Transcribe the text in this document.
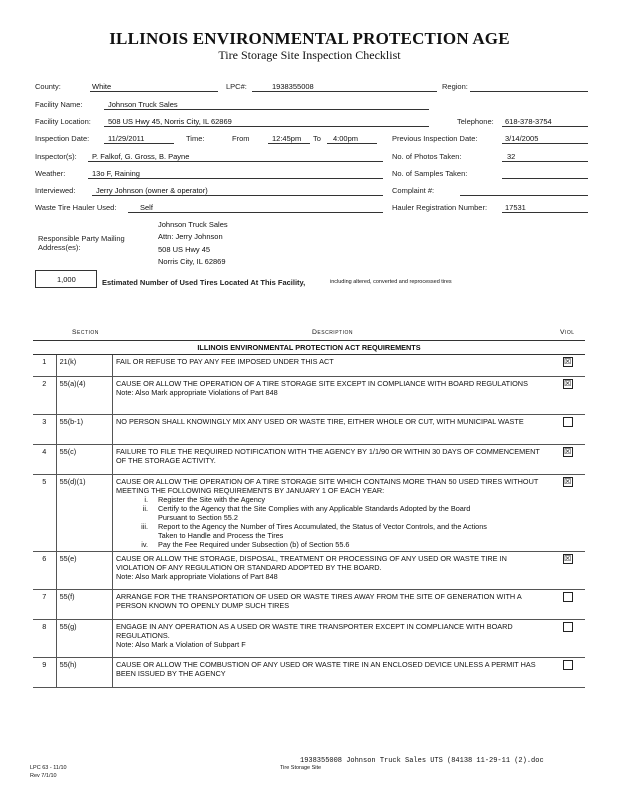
ILLINOIS ENVIRONMENTAL PROTECTION AGE
Tire Storage Site Inspection Checklist
County:	White	LPC#:	1938355008	Region:
Facility Name:	Johnson Truck Sales
Facility Location: 508 US Hwy 45, Norris City, IL 62869	Telephone: 618-378-3754
Inspection Date:	11/29/2011	Time:	From	12:45pm To 4:00pm	Previous Inspection Date:	3/14/2005
Inspector(s): P. Falkof, G. Gross, B. Payne	No. of Photos Taken:	32
Weather:	13o F, Raining	No. of Samples Taken:
Interviewed:	Jerry Johnson (owner & operator)	Complaint #:
Waste Tire Hauler Used:	Self	Hauler Registration Number: 17531
Responsible Party Mailing
Address(es):
Johnson Truck Sales
Attn: Jerry Johnson
508 US Hwy 45
Norris City, IL 62869
1,000	Estimated Number of Used Tires Located At This Facility,	including altered, converted and reprocessed tires
Section	Description	Viol
ILLINOIS ENVIRONMENTAL PROTECTION ACT REQUIREMENTS			
1	21(k)	FAIL OR REFUSE TO PAY ANY FEE IMPOSED UNDER THIS ACT	☒
2	55(a)(4)	CAUSE OR ALLOW THE OPERATION OF A TIRE STORAGE SITE EXCEPT IN COMPLIANCE WITH BOARD REGULATIONS
Note: Also Mark appropriate Violations of Part 848	☒
3	55(b-1)	NO PERSON SHALL KNOWINGLY MIX ANY USED OR WASTE TIRE, EITHER WHOLE OR CUT, WITH MUNICIPAL WASTE	
4	55(c)	FAILURE TO FILE THE REQUIRED NOTIFICATION WITH THE AGENCY BY 1/1/90 OR WITHIN 30 DAYS OF COMMENCEMENT OF THE STORAGE ACTIVITY.	☒
5	55(d)(1)	CAUSE OR ALLOW THE OPERATION OF A TIRE STORAGE SITE WHICH CONTAINS MORE THAN 50 USED TIRES WITHOUT MEETING THE FOLLOWING REQUIREMENTS BY JANUARY 1 OF EACH YEAR:
i. Register the Site with the Agency
ii. Certify to the Agency that the Site Complies with any Applicable Standards Adopted by the Board Pursuant to Section 55.2
iii. Report to the Agency the Number of Tires Accumulated, the Status of Vector Controls, and the Actions Taken to Handle and Process the Tires
iv. Pay the Fee Required under Subsection (b) of Section 55.6	☒
6	55(e)	CAUSE OR ALLOW THE STORAGE, DISPOSAL, TREATMENT OR PROCESSING OF ANY USED OR WASTE TIRE IN VIOLATION OF ANY REGULATION OR STANDARD ADOPTED BY THE BOARD.
Note: Also Mark appropriate Violations of Part 848	☒
7	55(f)	ARRANGE FOR THE TRANSPORTATION OF USED OR WASTE TIRES AWAY FROM THE SITE OF GENERATION WITH A PERSON KNOWN TO OPENLY DUMP SUCH TIRES	
8	55(g)	ENGAGE IN ANY OPERATION AS A USED OR WASTE TIRE TRANSPORTER EXCEPT IN COMPLIANCE WITH BOARD REGULATIONS.
Note: Also Mark a Violation of Subpart F	

9	55(h)	CAUSE OR ALLOW THE COMBUSTION OF ANY USED OR WASTE TIRE IN AN ENCLOSED DEVICE UNLESS A PERMIT HAS BEEN ISSUED BY THE AGENCY	
LPC 63 - 11/10
Rev 7/1/10
1938355008 Johnson Truck Sales UTS (84138 11-29-11 (2).doc
Tire Storage Site
